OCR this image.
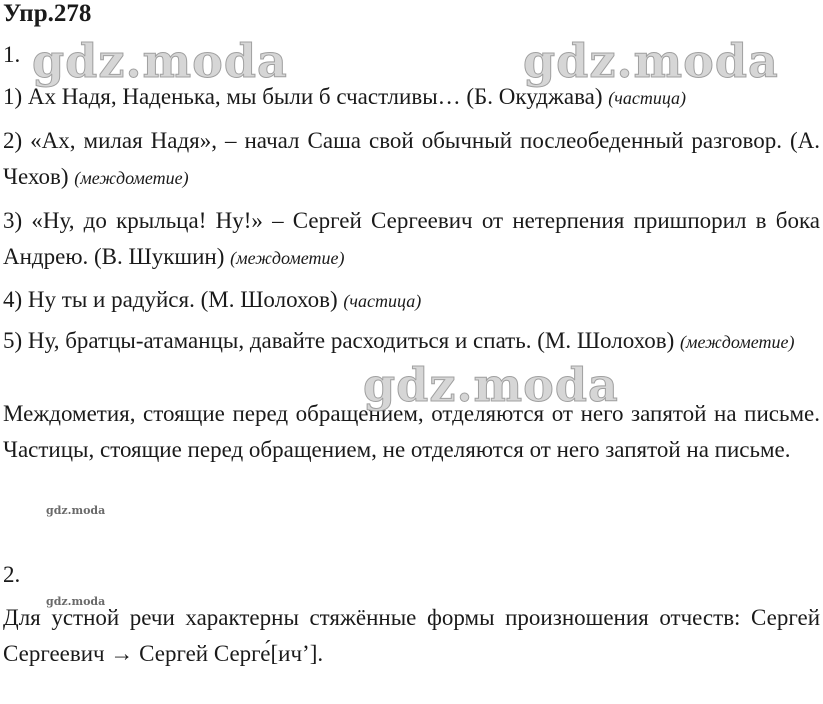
Упр.278
1.
1) Ах Надя, Наденька, мы были б счастливы… (Б. Окуджава) (частица)
2) «Ах, милая Надя», – начал Саша свой обычный послеобеденный разговор. (А. Чехов) (междометие)
3) «Ну, до крыльца! Ну!» – Сергей Сергеевич от нетерпения пришпорил в бока Андрею. (В. Шукшин) (междометие)
4) Ну ты и радуйся. (М. Шолохов) (частица)
5) Ну, братцы-атаманцы, давайте расходиться и спать. (М. Шолохов) (междометие)
Междометия, стоящие перед обращением, отделяются от него запятой на письме. Частицы, стоящие перед обращением, не отделяются от него запятой на письме.
2.
Для устной речи характерны стяжённые формы произношения отчеств: Сергей Сергеевич → Сергей Серге́[ич’].
gdz.moda	gdz.moda
gdz.moda
gdz.moda
gdz.moda
